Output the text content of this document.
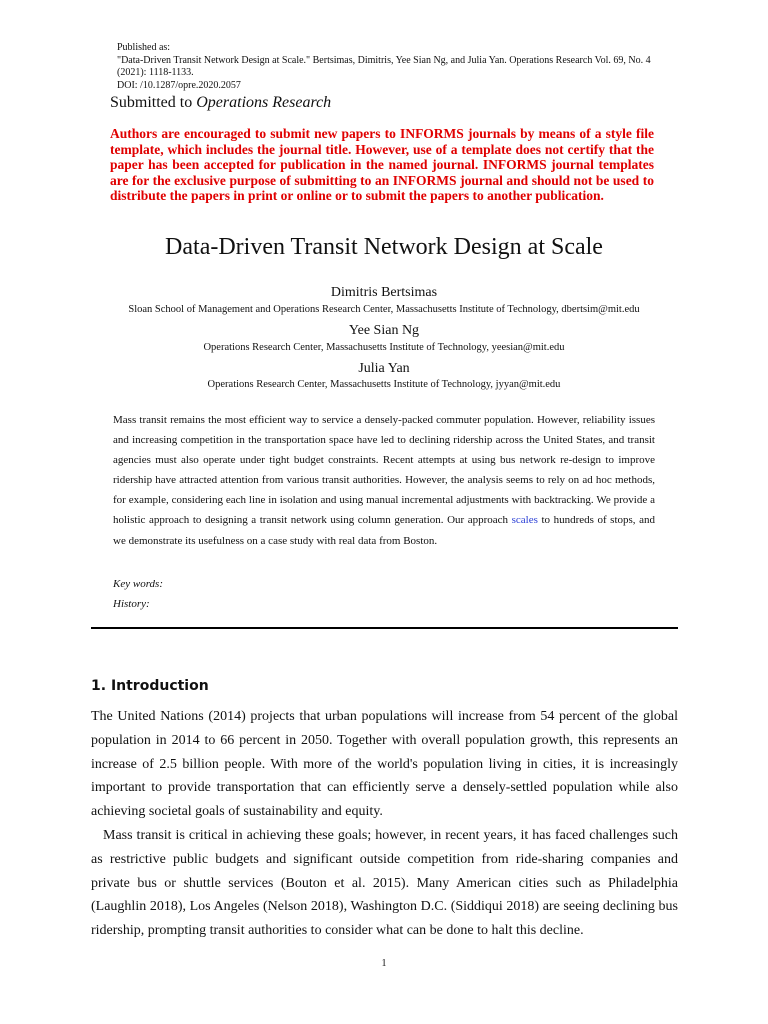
Published as:
"Data-Driven Transit Network Design at Scale." Bertsimas, Dimitris, Yee Sian Ng, and Julia Yan. Operations Research Vol. 69, No. 4 (2021): 1118-1133.
DOI: /10.1287/opre.2020.2057
Submitted to Operations Research
Authors are encouraged to submit new papers to INFORMS journals by means of a style file template, which includes the journal title. However, use of a template does not certify that the paper has been accepted for publication in the named journal. INFORMS journal templates are for the exclusive purpose of submitting to an INFORMS journal and should not be used to distribute the papers in print or online or to submit the papers to another publication.
Data-Driven Transit Network Design at Scale
Dimitris Bertsimas
Sloan School of Management and Operations Research Center, Massachusetts Institute of Technology, dbertsim@mit.edu
Yee Sian Ng
Operations Research Center, Massachusetts Institute of Technology, yeesian@mit.edu
Julia Yan
Operations Research Center, Massachusetts Institute of Technology, jyyan@mit.edu
Mass transit remains the most efficient way to service a densely-packed commuter population. However, reliability issues and increasing competition in the transportation space have led to declining ridership across the United States, and transit agencies must also operate under tight budget constraints. Recent attempts at using bus network re-design to improve ridership have attracted attention from various transit authorities. However, the analysis seems to rely on ad hoc methods, for example, considering each line in isolation and using manual incremental adjustments with backtracking. We provide a holistic approach to designing a transit network using column generation. Our approach scales to hundreds of stops, and we demonstrate its usefulness on a case study with real data from Boston.
Key words:
History:
1. Introduction
The United Nations (2014) projects that urban populations will increase from 54 percent of the global population in 2014 to 66 percent in 2050. Together with overall population growth, this represents an increase of 2.5 billion people. With more of the world's population living in cities, it is increasingly important to provide transportation that can efficiently serve a densely-settled population while also achieving societal goals of sustainability and equity.
Mass transit is critical in achieving these goals; however, in recent years, it has faced challenges such as restrictive public budgets and significant outside competition from ride-sharing companies and private bus or shuttle services (Bouton et al. 2015). Many American cities such as Philadelphia (Laughlin 2018), Los Angeles (Nelson 2018), Washington D.C. (Siddiqui 2018) are seeing declining bus ridership, prompting transit authorities to consider what can be done to halt this decline.
1
